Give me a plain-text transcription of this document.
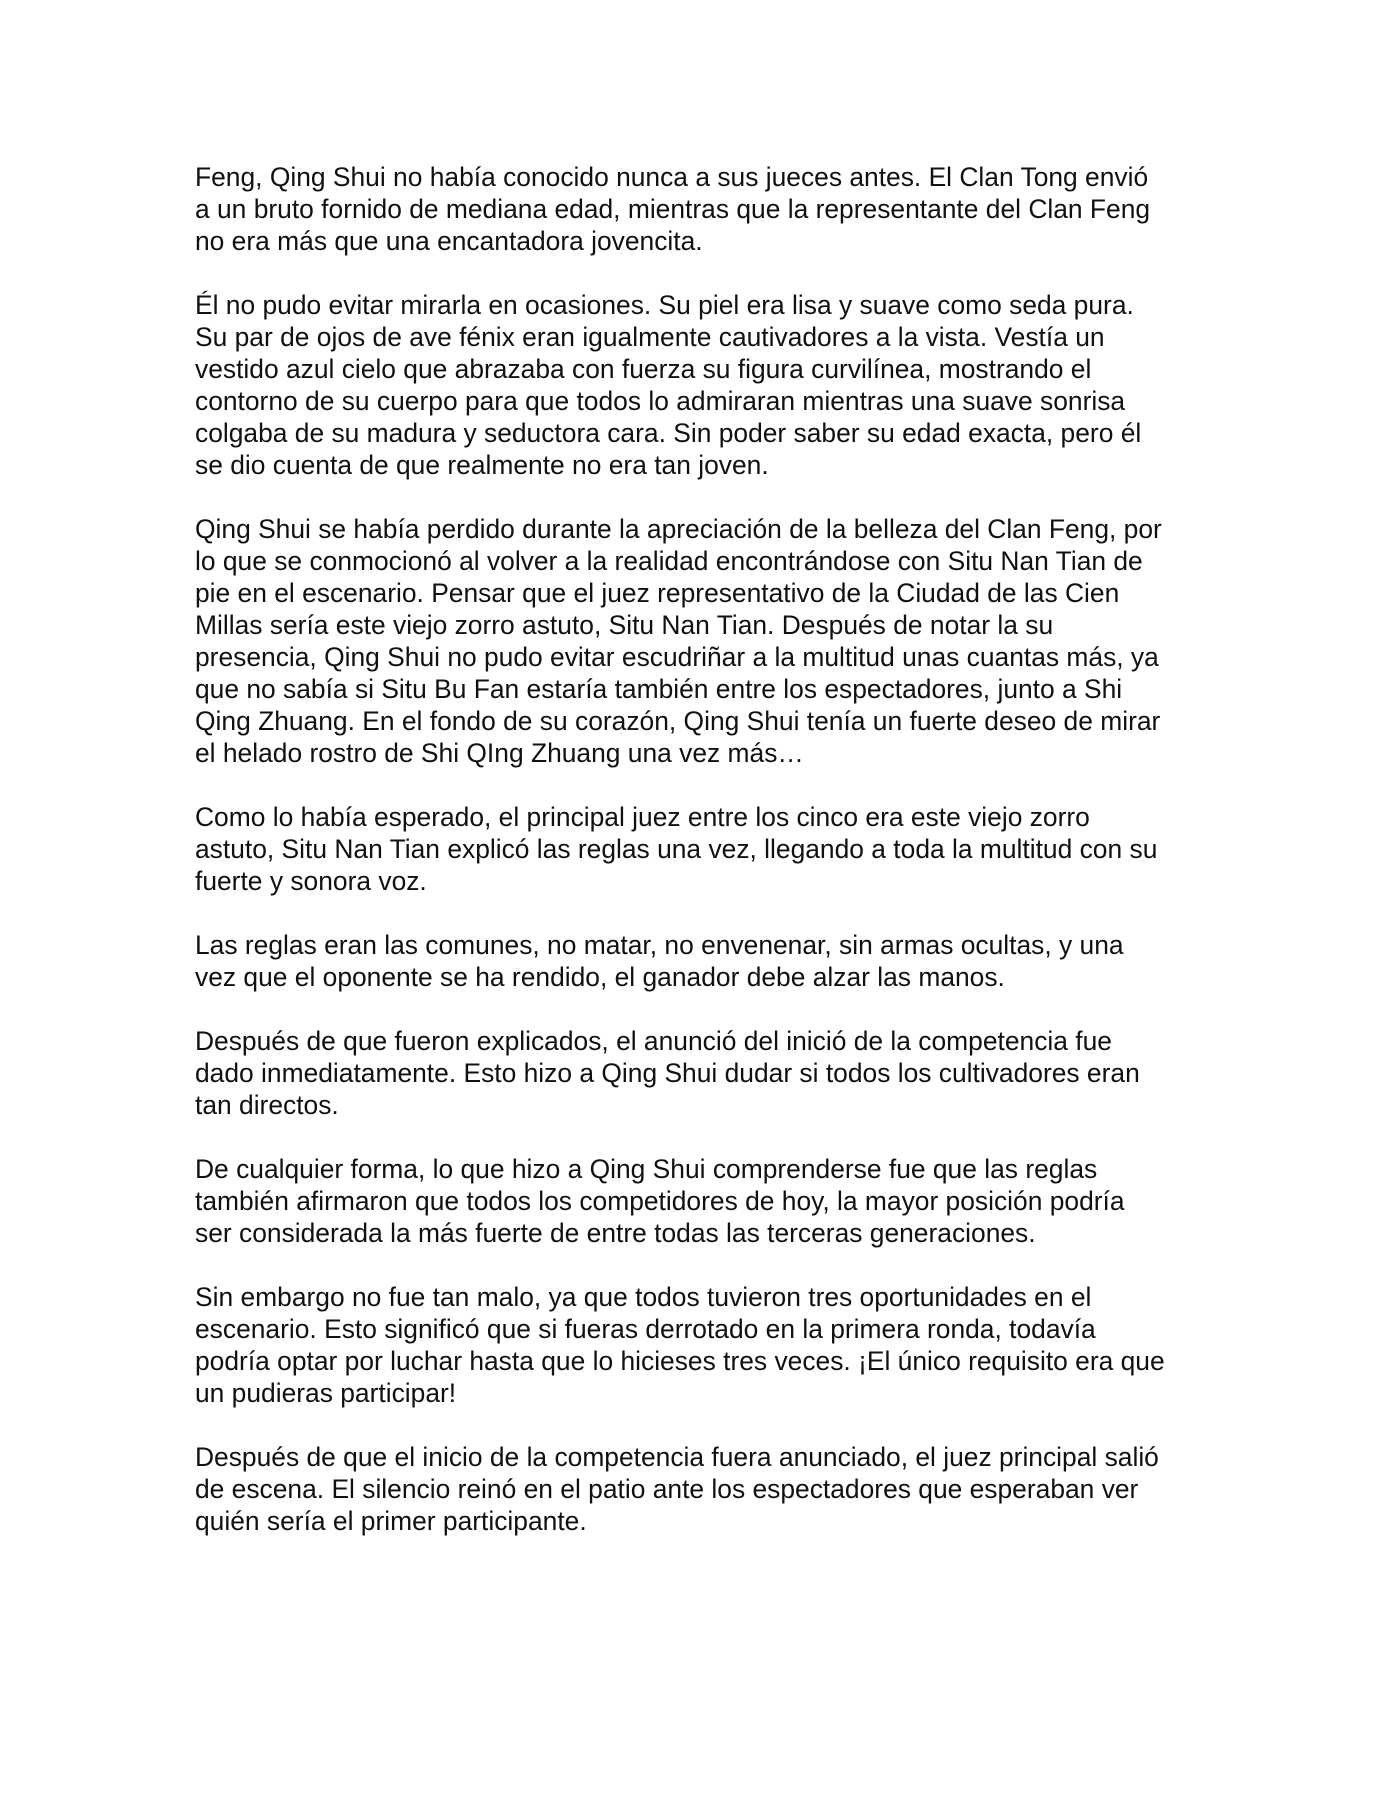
Feng, Qing Shui no había conocido nunca a sus jueces antes. El Clan Tong envió
a un bruto fornido de mediana edad, mientras que la representante del Clan Feng
no era más que una encantadora jovencita.

Él no pudo evitar mirarla en ocasiones. Su piel era lisa y suave como seda pura.
Su par de ojos de ave fénix eran igualmente cautivadores a la vista. Vestía un
vestido azul cielo que abrazaba con fuerza su figura curvilínea, mostrando el
contorno de su cuerpo para que todos lo admiraran mientras una suave sonrisa
colgaba de su madura y seductora cara. Sin poder saber su edad exacta, pero él
se dio cuenta de que realmente no era tan joven.

Qing Shui se había perdido durante la apreciación de la belleza del Clan Feng, por
lo que se conmocionó al volver a la realidad encontrándose con Situ Nan Tian de
pie en el escenario. Pensar que el juez representativo de la Ciudad de las Cien
Millas sería este viejo zorro astuto, Situ Nan Tian. Después de notar la su
presencia, Qing Shui no pudo evitar escudriñar a la multitud unas cuantas más, ya
que no sabía si Situ Bu Fan estaría también entre los espectadores, junto a Shi
Qing Zhuang. En el fondo de su corazón, Qing Shui tenía un fuerte deseo de mirar
el helado rostro de Shi QIng Zhuang una vez más…

Como lo había esperado, el principal juez entre los cinco era este viejo zorro
astuto, Situ Nan Tian explicó las reglas una vez, llegando a toda la multitud con su
fuerte y sonora voz.

Las reglas eran las comunes, no matar, no envenenar, sin armas ocultas, y una
vez que el oponente se ha rendido, el ganador debe alzar las manos.

Después de que fueron explicados, el anunció del inició de la competencia fue
dado inmediatamente. Esto hizo a Qing Shui dudar si todos los cultivadores eran
tan directos.

De cualquier forma, lo que hizo a Qing Shui comprenderse fue que las reglas
también afirmaron que todos los competidores de hoy, la mayor posición podría
ser considerada la más fuerte de entre todas las terceras generaciones.

Sin embargo no fue tan malo, ya que todos tuvieron tres oportunidades en el
escenario. Esto significó que si fueras derrotado en la primera ronda, todavía
podría optar por luchar hasta que lo hicieses tres veces. ¡El único requisito era que
un pudieras participar!

Después de que el inicio de la competencia fuera anunciado, el juez principal salió
de escena. El silencio reinó en el patio ante los espectadores que esperaban ver
quién sería el primer participante.
